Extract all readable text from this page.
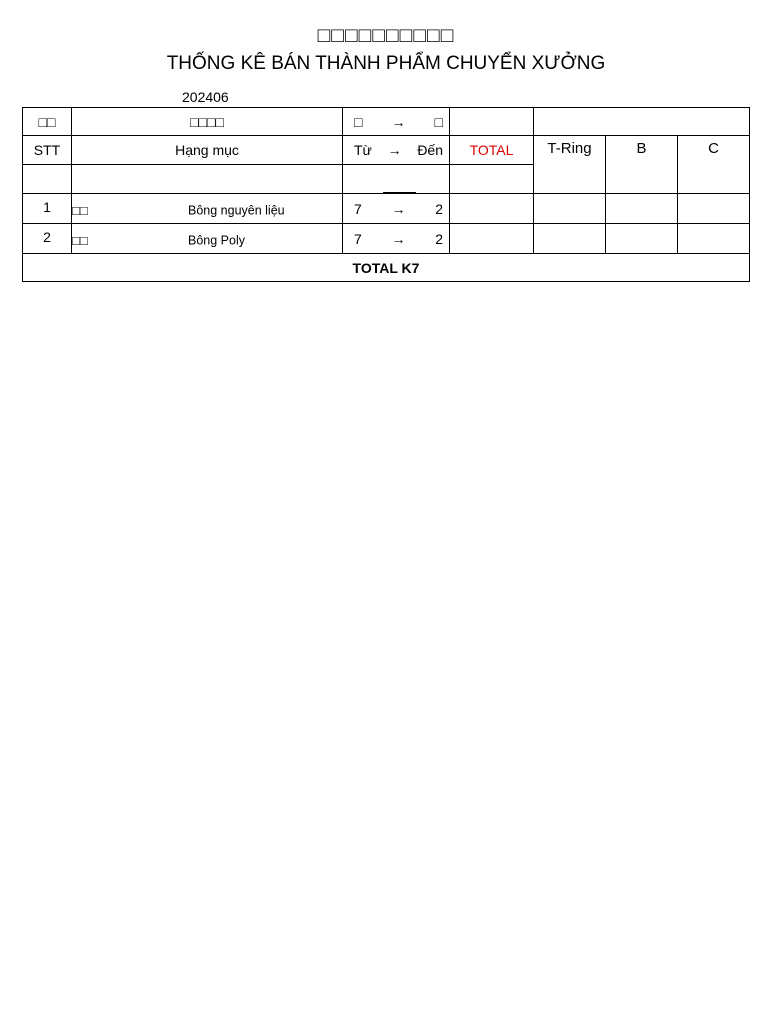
□□□□□□□□□□
THỐNG KÊ BÁN THÀNH PHẨM CHUYỂN XƯỞNG
202406
□□	□□□□	□ → □				

STT	Hạng mục	Từ → Đến	TOTAL	T-Ring	B	C

1	□□ Bông nguyên liệu	7 → 2				

2	□□ Bông Poly	7 → 2				

TOTAL K7						
